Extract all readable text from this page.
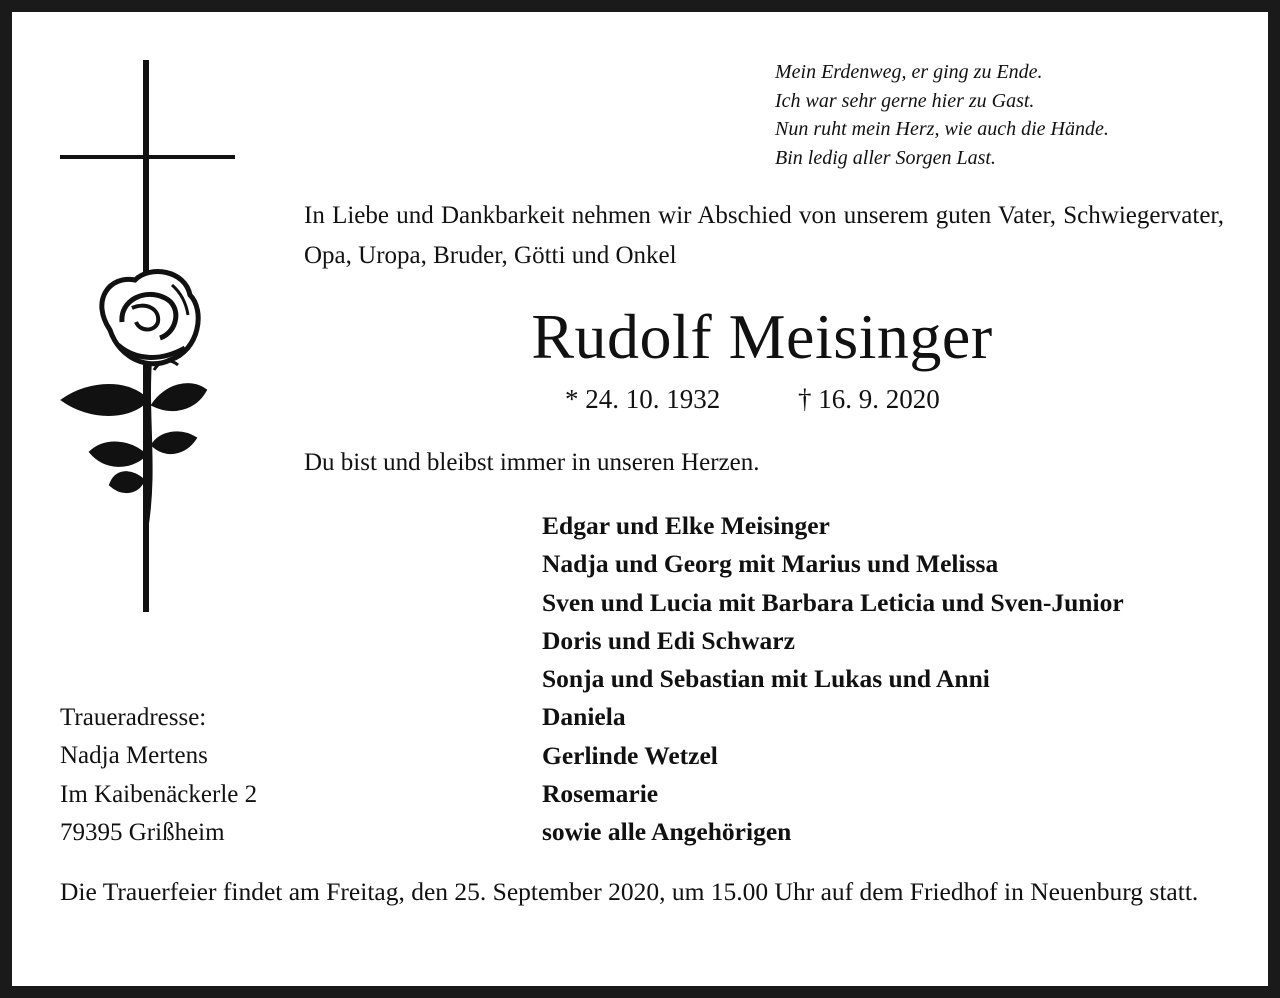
Mein Erdenweg, er ging zu Ende.
Ich war sehr gerne hier zu Gast.
Nun ruht mein Herz, wie auch die Hände.
Bin ledig aller Sorgen Last.

In Liebe und Dankbarkeit nehmen wir Abschied von unserem guten Vater, Schwiegervater, Opa, Uropa, Bruder, Götti und Onkel

Rudolf Meisinger
* 24. 10. 1932	† 16. 9. 2020
Du bist und bleibst immer in unseren Herzen.
Edgar und Elke Meisinger
Nadja und Georg mit Marius und Melissa
Sven und Lucia mit Barbara Leticia und Sven-Junior
Doris und Edi Schwarz
Sonja und Sebastian mit Lukas und Anni
Daniela
Gerlinde Wetzel
Rosemarie
sowie alle Angehörigen
Traueradresse:
Nadja Mertens
Im Kaibenäckerle 2
79395 Grißheim

Die Trauerfeier findet am Freitag, den 25. September 2020, um 15.00 Uhr auf dem Friedhof in Neuenburg statt.
